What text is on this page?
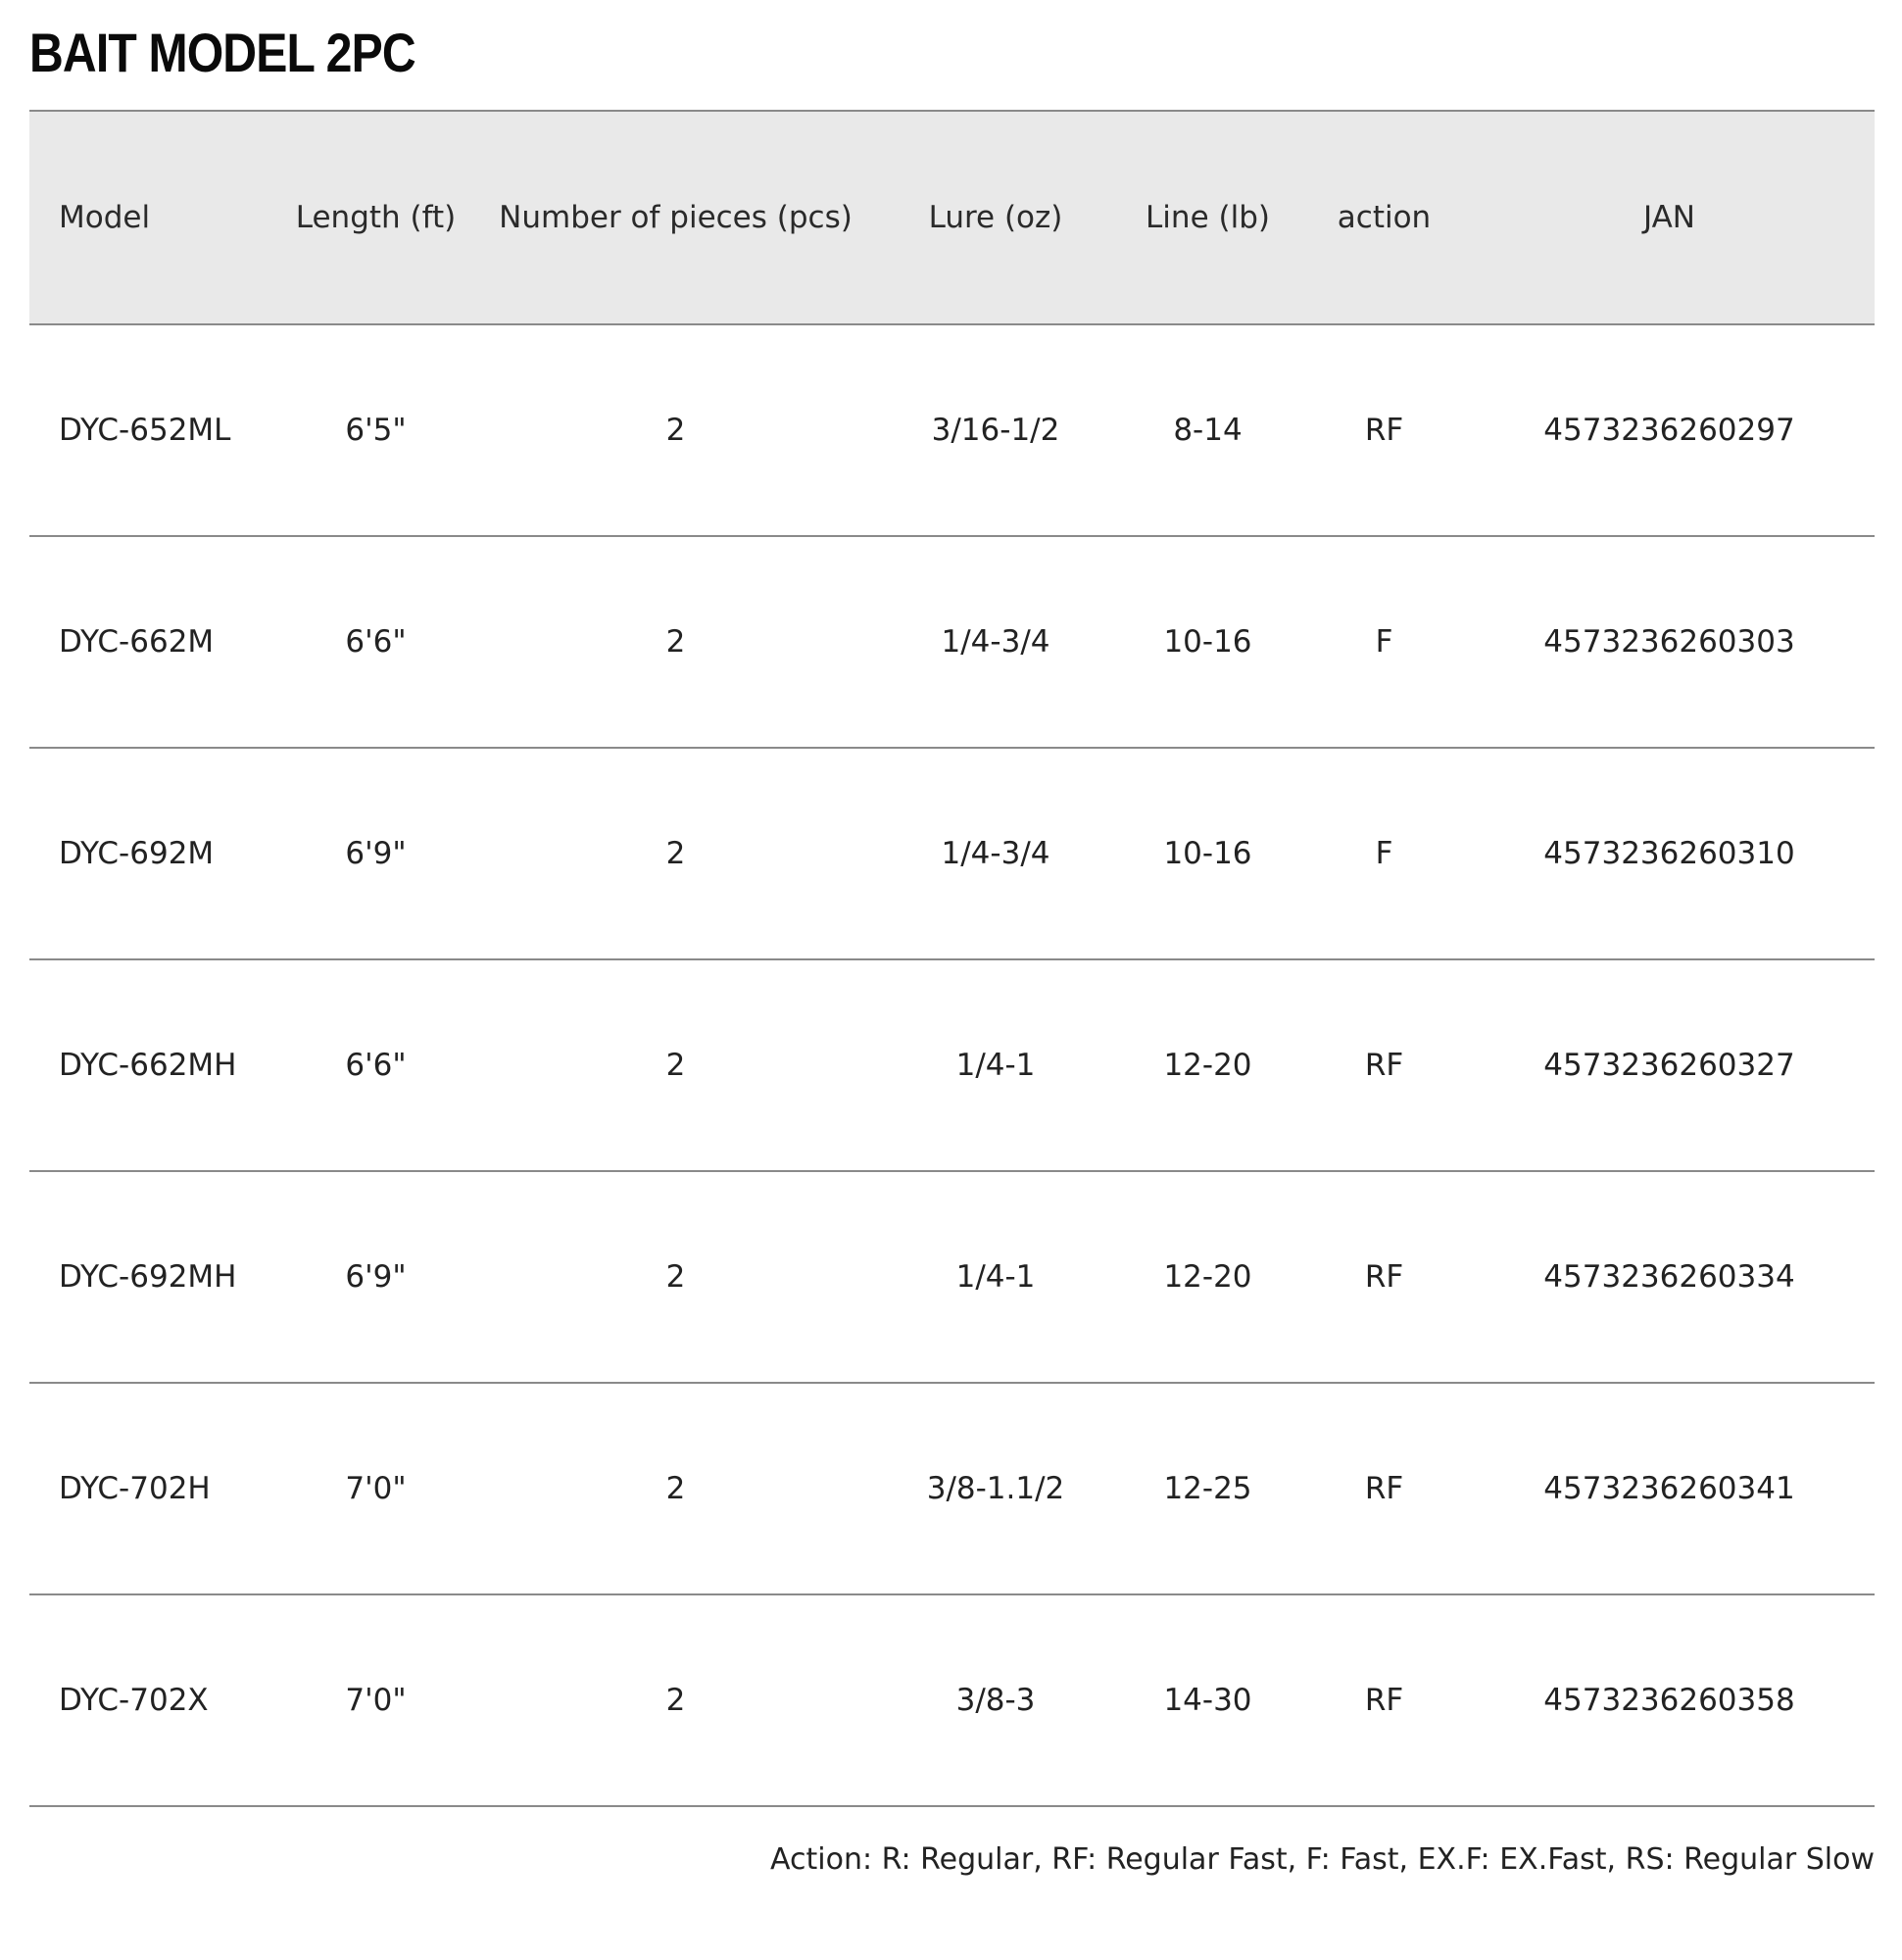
BAIT MODEL 2PC
Model	Length (ft)	Number of pieces (pcs)	Lure (oz)	Line (lb)	action	JAN
DYC-652ML	6'5"	2	3/16-1/2	8-14	RF	4573236260297
DYC-662M	6'6"	2	1/4-3/4	10-16	F	4573236260303
DYC-692M	6'9"	2	1/4-3/4	10-16	F	4573236260310
DYC-662MH	6'6"	2	1/4-1	12-20	RF	4573236260327
DYC-692MH	6'9"	2	1/4-1	12-20	RF	4573236260334
DYC-702H	7'0"	2	3/8-1.1/2	12-25	RF	4573236260341
DYC-702X	7'0"	2	3/8-3	14-30	RF	4573236260358
Action: R: Regular, RF: Regular Fast, F: Fast, EX.F: EX.Fast, RS: Regular Slow
